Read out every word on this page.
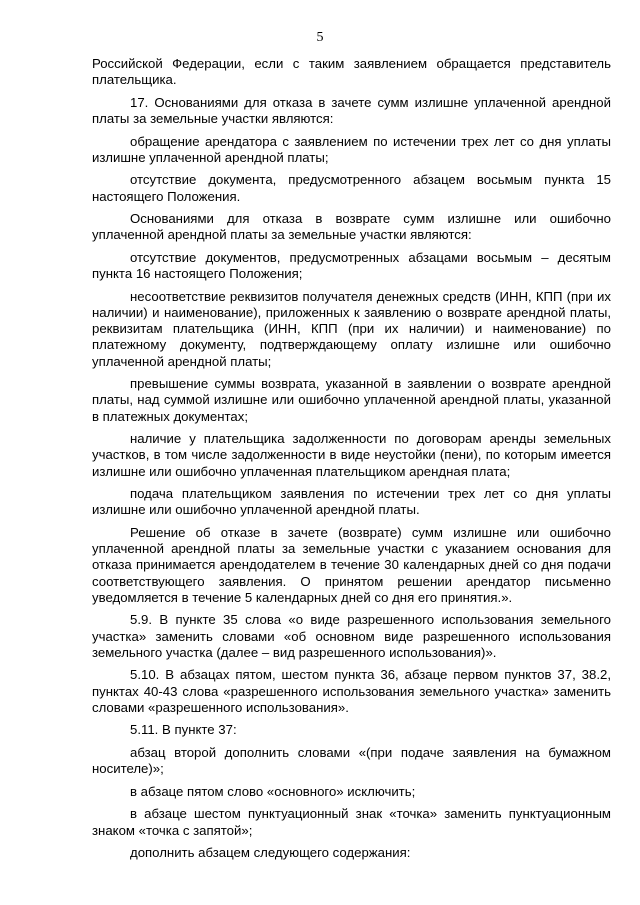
5

Российской Федерации, если с таким заявлением обращается представитель плательщика.

17. Основаниями для отказа в зачете сумм излишне уплаченной арендной платы за земельные участки являются:

обращение арендатора с заявлением по истечении трех лет со дня уплаты излишне уплаченной арендной платы;

отсутствие документа, предусмотренного абзацем восьмым пункта 15 настоящего Положения.

Основаниями для отказа в возврате сумм излишне или ошибочно уплаченной арендной платы за земельные участки являются:

отсутствие документов, предусмотренных абзацами восьмым – десятым пункта 16 настоящего Положения;

несоответствие реквизитов получателя денежных средств (ИНН, КПП (при их наличии) и наименование), приложенных к заявлению о возврате арендной платы, реквизитам плательщика (ИНН, КПП (при их наличии) и наименование) по платежному документу, подтверждающему оплату излишне или ошибочно уплаченной арендной платы;

превышение суммы возврата, указанной в заявлении о возврате арендной платы, над суммой излишне или ошибочно уплаченной арендной платы, указанной в платежных документах;

наличие у плательщика задолженности по договорам аренды земельных участков, в том числе задолженности в виде неустойки (пени), по которым имеется излишне или ошибочно уплаченная плательщиком арендная плата;

подача плательщиком заявления по истечении трех лет со дня уплаты излишне или ошибочно уплаченной арендной платы.

Решение об отказе в зачете (возврате) сумм излишне или ошибочно уплаченной арендной платы за земельные участки с указанием основания для отказа принимается арендодателем в течение 30 календарных дней со дня подачи соответствующего заявления. О принятом решении арендатор письменно уведомляется в течение 5 календарных дней со дня его принятия.».

5.9. В пункте 35 слова «о виде разрешенного использования земельного участка» заменить словами «об основном виде разрешенного использования земельного участка (далее – вид разрешенного использования)».

5.10. В абзацах пятом, шестом пункта 36, абзаце первом пунктов 37, 38.2, пунктах 40-43 слова «разрешенного использования земельного участка» заменить словами «разрешенного использования».

5.11. В пункте 37:

абзац второй дополнить словами «(при подаче заявления на бумажном носителе)»;

в абзаце пятом слово «основного» исключить;

в абзаце шестом пунктуационный знак «точка» заменить пунктуационным знаком «точка с запятой»;

дополнить абзацем следующего содержания:
